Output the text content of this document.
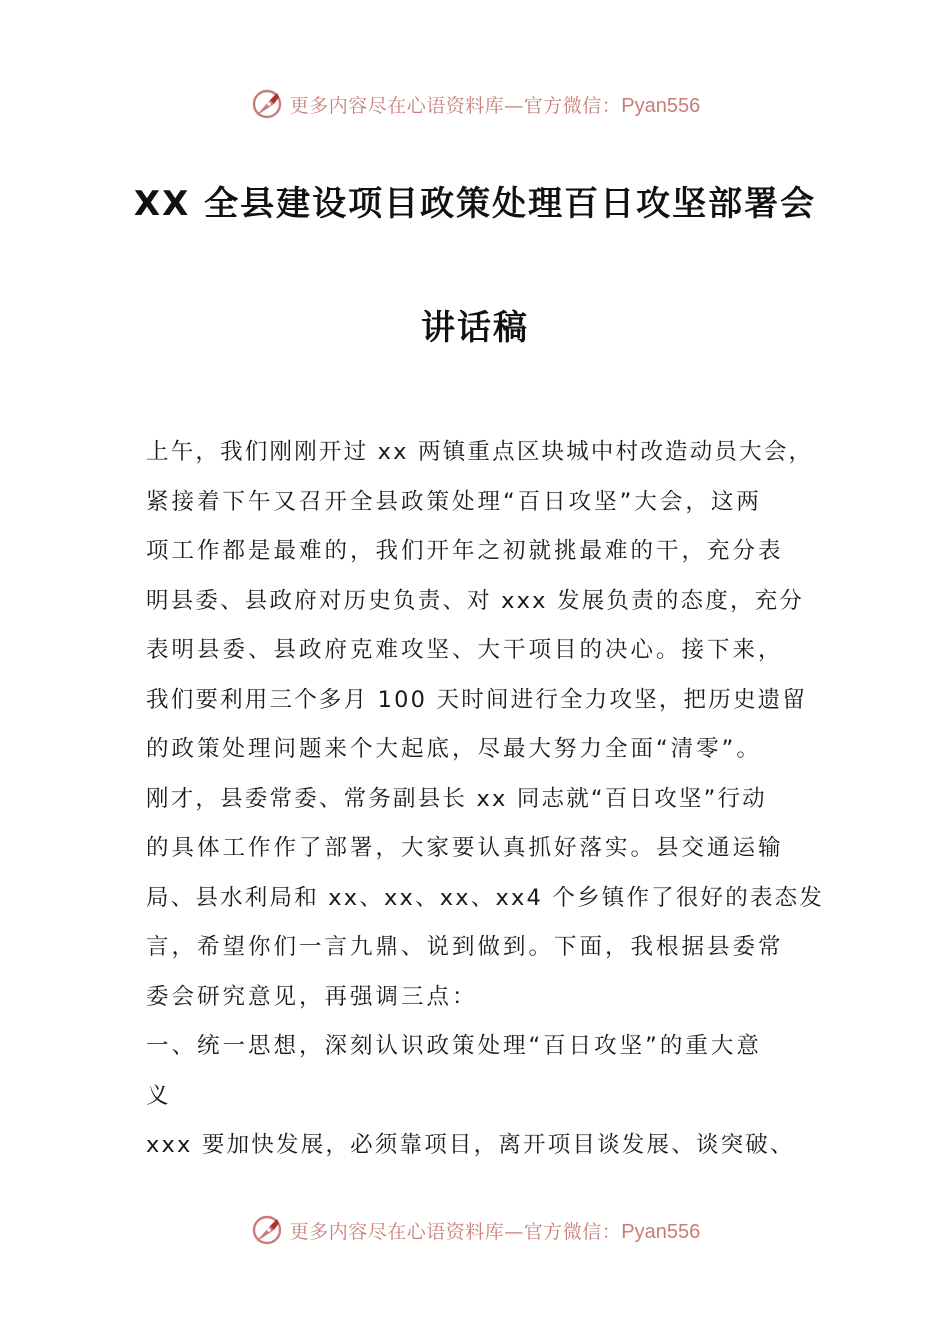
更多内容尽在心语资料库—官方微信：Pyan556
XX 全县建设项目政策处理百日攻坚部署会
讲话稿
上午，我们刚刚开过 xx 两镇重点区块城中村改造动员大会，
紧接着下午又召开全县政策处理“百日攻坚”大会，这两
项工作都是最难的，我们开年之初就挑最难的干，充分表
明县委、县政府对历史负责、对 xxx 发展负责的态度，充分
表明县委、县政府克难攻坚、大干项目的决心。接下来，
我们要利用三个多月 100 天时间进行全力攻坚，把历史遗留
的政策处理问题来个大起底，尽最大努力全面“清零”。
刚才，县委常委、常务副县长 xx 同志就“百日攻坚”行动
的具体工作作了部署，大家要认真抓好落实。县交通运输
局、县水利局和 xx、xx、xx、xx4 个乡镇作了很好的表态发
言，希望你们一言九鼎、说到做到。下面，我根据县委常
委会研究意见，再强调三点：
一、统一思想，深刻认识政策处理“百日攻坚”的重大意
义
xxx 要加快发展，必须靠项目，离开项目谈发展、谈突破、
更多内容尽在心语资料库—官方微信：Pyan556
